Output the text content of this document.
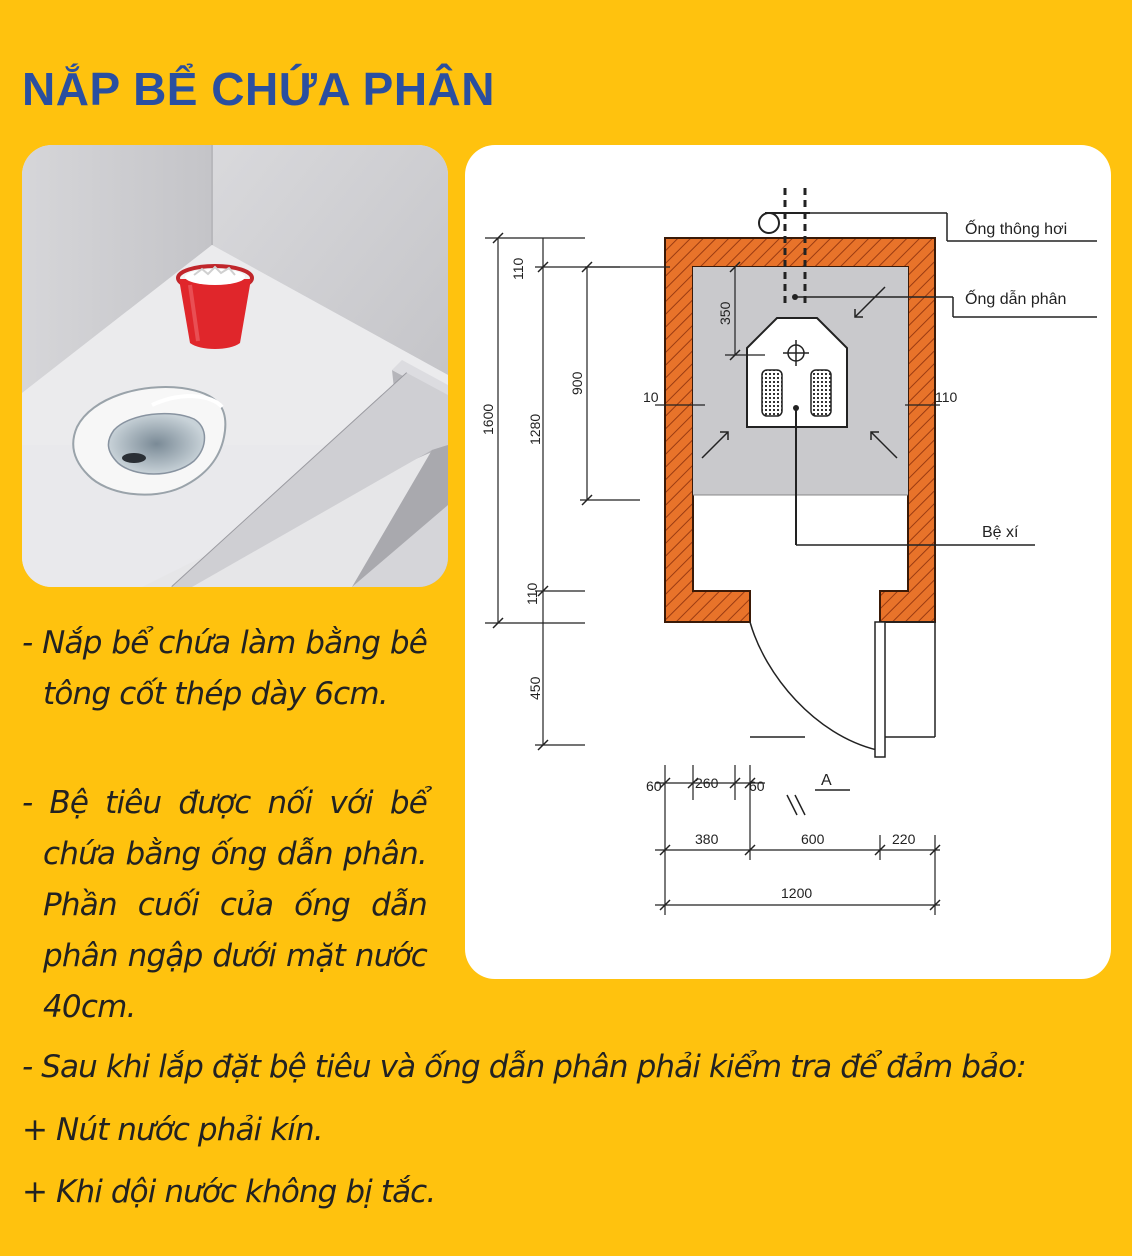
NẮP BỂ CHỨA PHÂN
A
Ống thông hơi
Ống dẫn phân
Bệ xí
1600
110
1280
110
450
900
350
10	110
60 260 60
380	600	220
1200

- Nắp bể chứa làm bằng bê tông cốt thép dày 6cm.

- Bệ tiêu được nối với bể chứa bằng ống dẫn phân. Phần cuối của ống dẫn phân ngập dưới mặt nước 40cm.

- Sau khi lắp đặt bệ tiêu và ống dẫn phân phải kiểm tra để đảm bảo:

+ Nút nước phải kín.

+ Khi dội nước không bị tắc.
